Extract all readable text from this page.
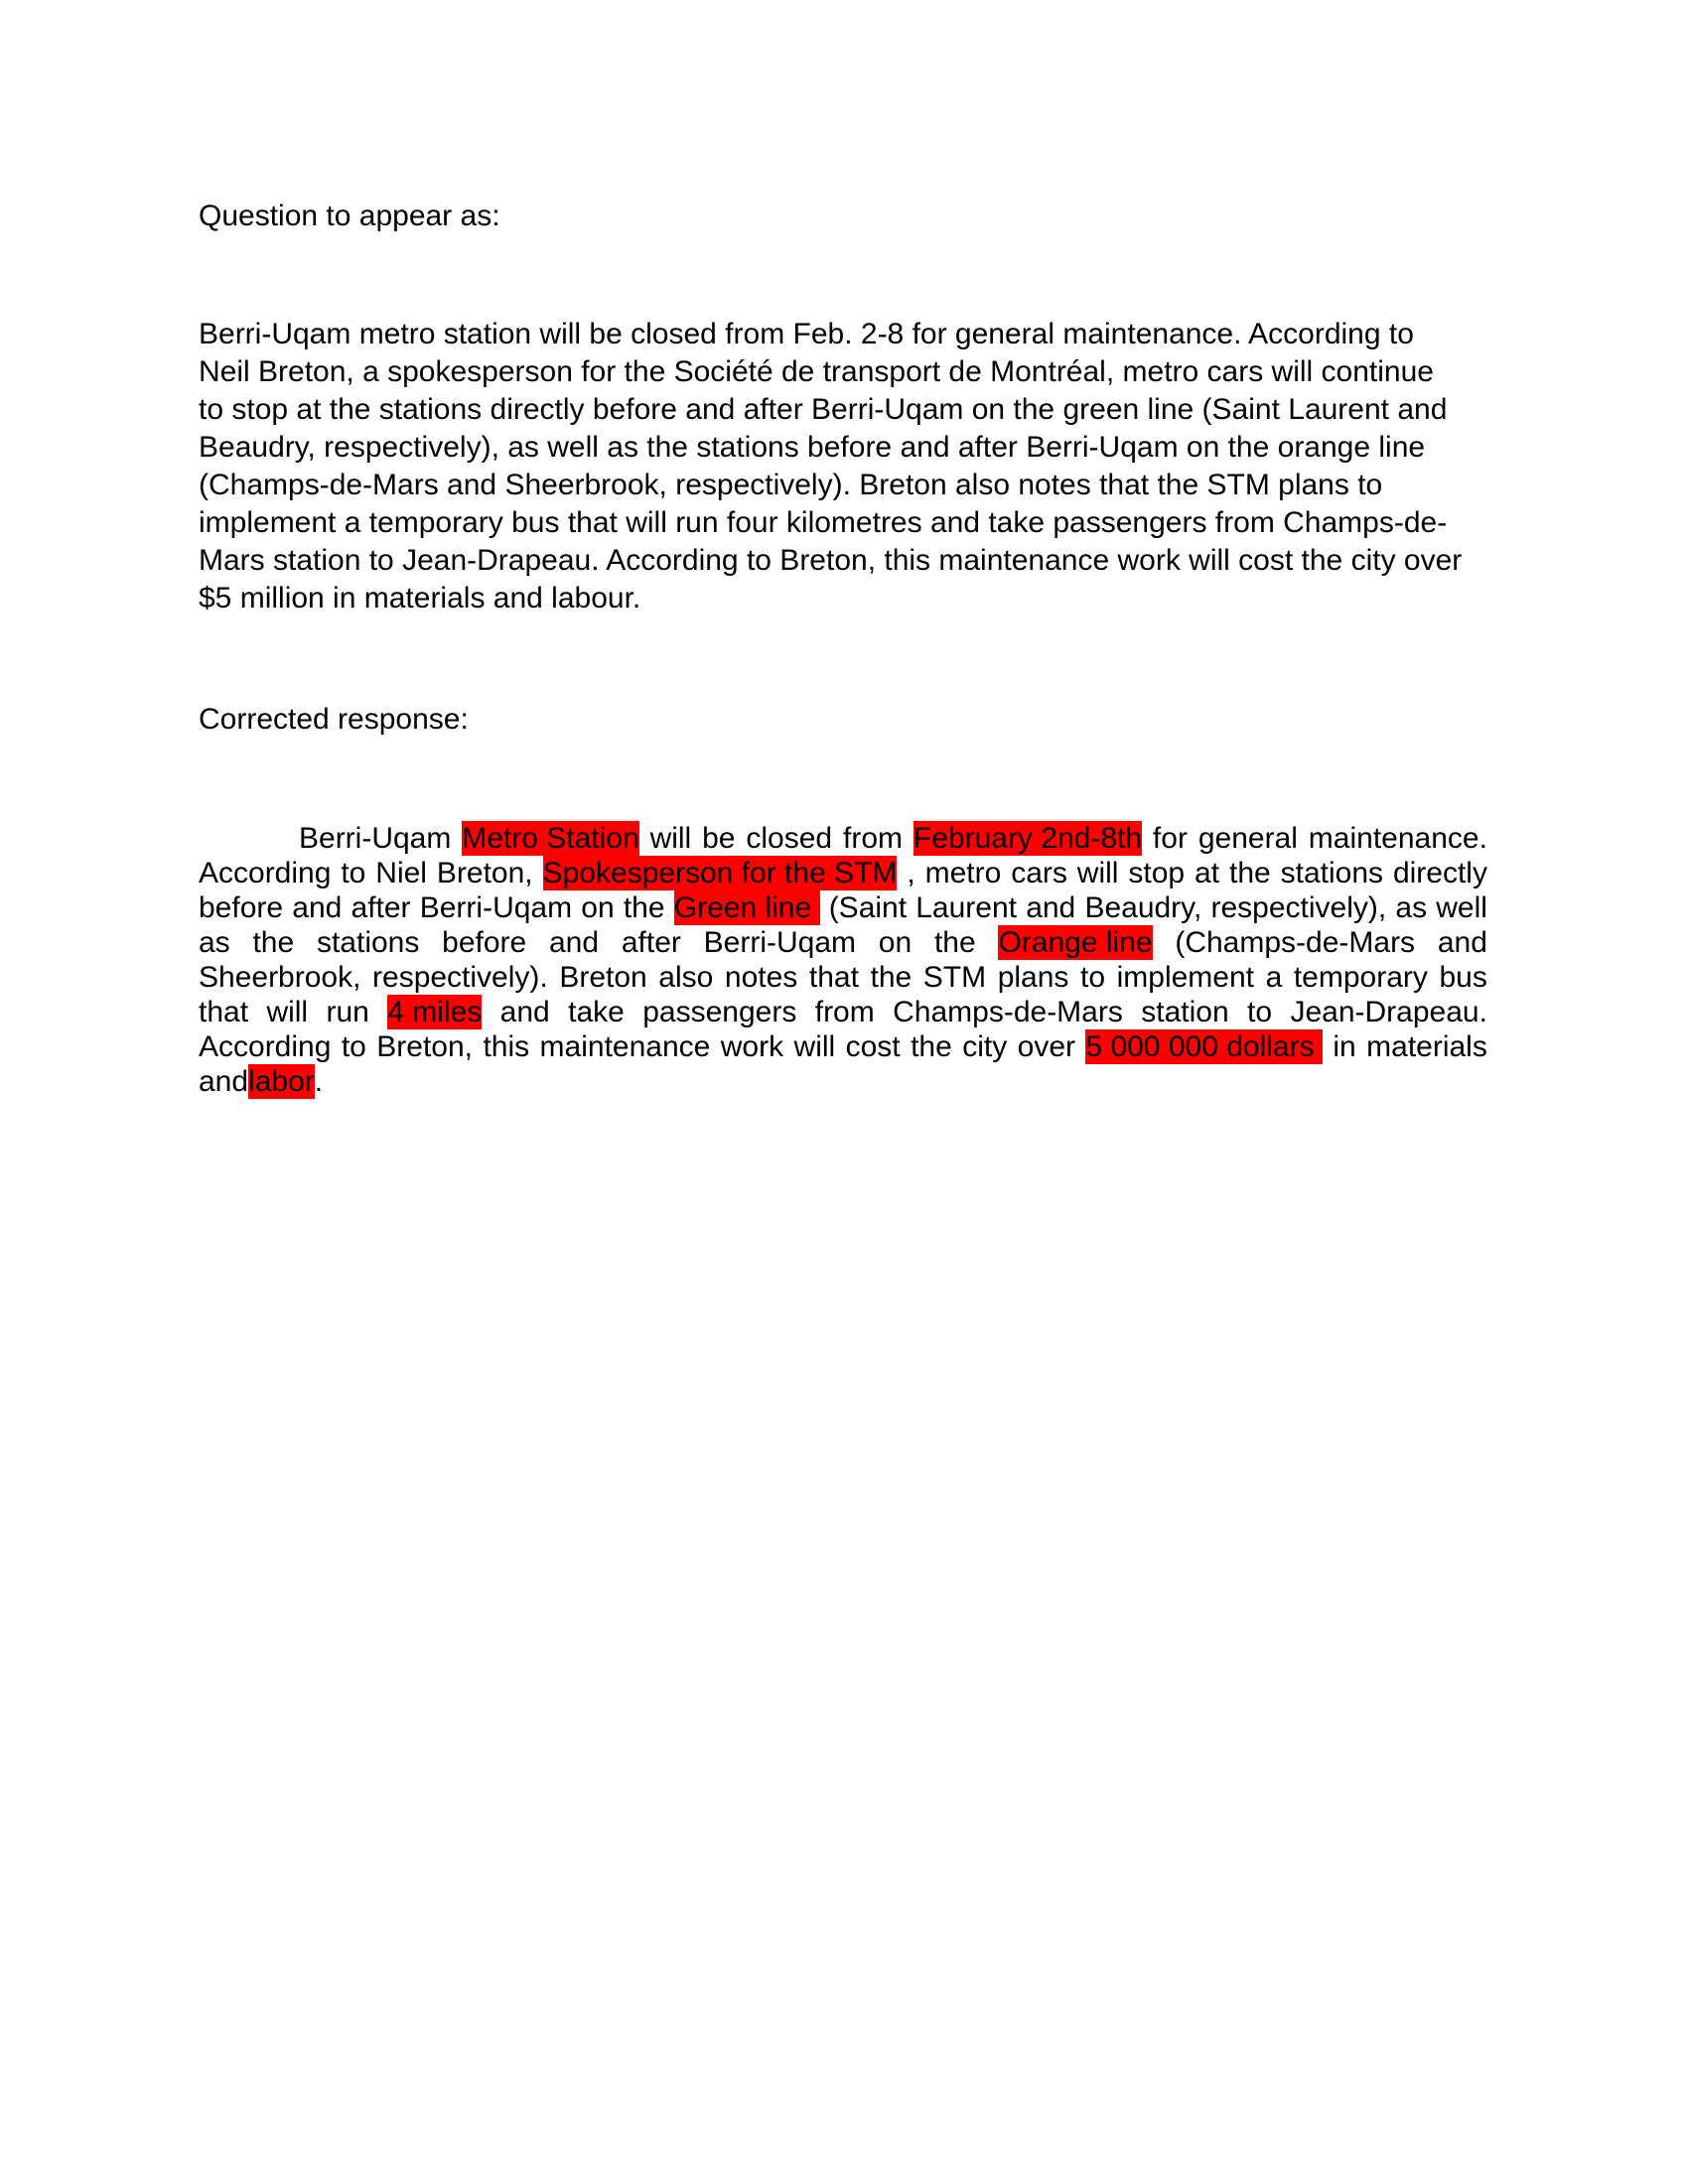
Question to appear as:

Berri-Uqam metro station will be closed from Feb. 2-8 for general maintenance. According to
Neil Breton, a spokesperson for the Société de transport de Montréal, metro cars will continue
to stop at the stations directly before and after Berri-Uqam on the green line (Saint Laurent and
Beaudry, respectively), as well as the stations before and after Berri-Uqam on the orange line
(Champs-de-Mars and Sheerbrook, respectively). Breton also notes that the STM plans to
implement a temporary bus that will run four kilometres and take passengers from Champs-de-
Mars station to Jean-Drapeau. According to Breton, this maintenance work will cost the city over
$5 million in materials and labour.

Corrected response:

Berri-Uqam Metro Station will be closed from February 2nd-8th for general maintenance.
According to Niel Breton, Spokesperson for the STM , metro cars will stop at the stations directly
before and after Berri-Uqam on the Green line (Saint Laurent and Beaudry, respectively), as well
as the stations before and after Berri-Uqam on the Orange line (Champs-de-Mars and
Sheerbrook, respectively). Breton also notes that the STM plans to implement a temporary bus
that will run 4 miles and take passengers from Champs-de-Mars station to Jean-Drapeau.
According to Breton, this maintenance work will cost the city over 5 000 000 dollars in materials
and labor .
